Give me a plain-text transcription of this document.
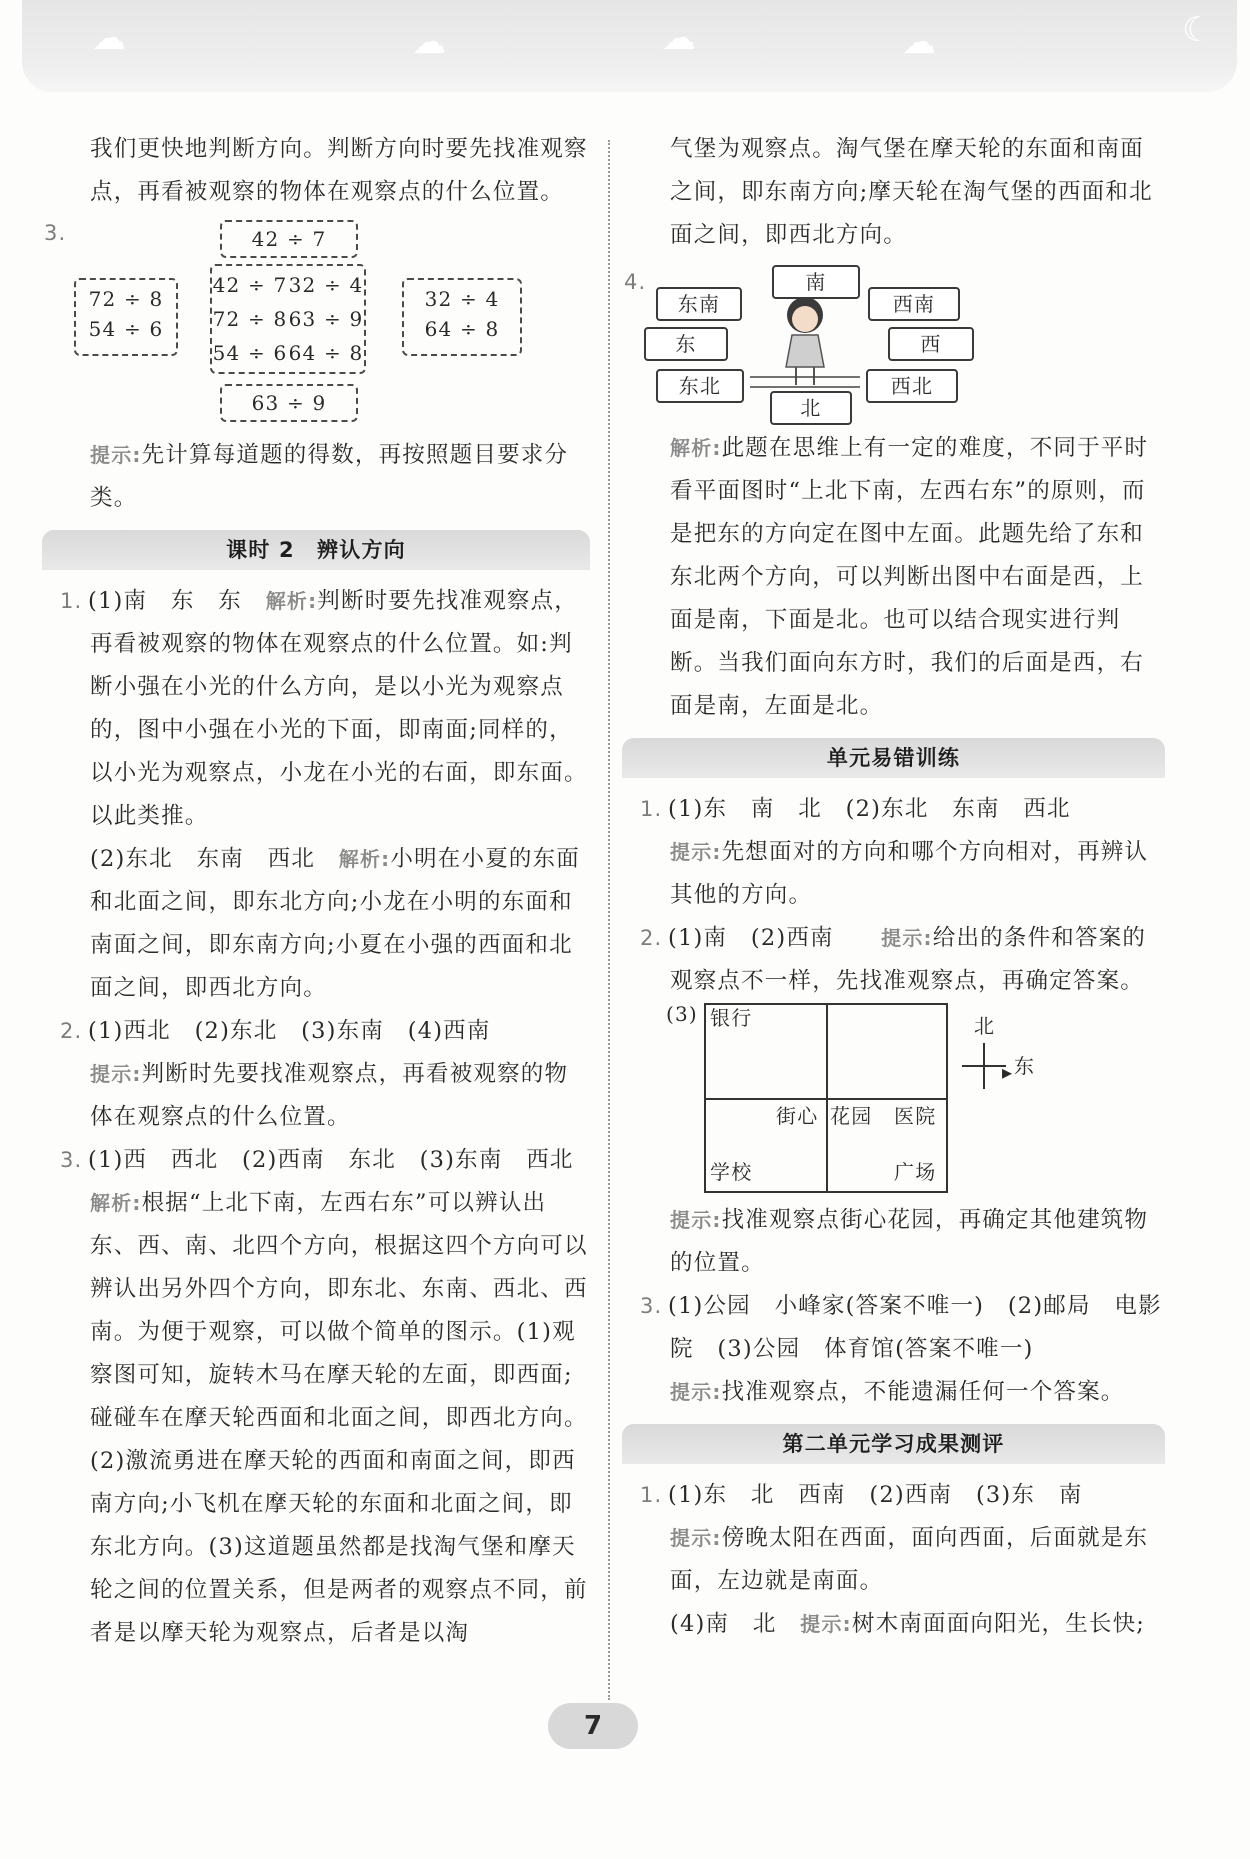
☁	☁	☁	☁	☾

我们更快地判断方向。判断方向时要先找准观察点，再看被观察的物体在观察点的什么位置。

3.	42 ÷ 7
72 ÷ 8
54 ÷ 6
42 ÷ 7 32 ÷ 4
72 ÷ 8 63 ÷ 9
54 ÷ 6 64 ÷ 8
32 ÷ 4
64 ÷ 8
63 ÷ 9

提示:先计算每道题的得数，再按照题目要求分类。

课时 2　辨认方向

1. (1)南　东　东　 解析:判断时要先找准观察点，再看被观察的物体在观察点的什么位置。如:判断小强在小光的什么方向，是以小光为观察点的，图中小强在小光的下面，即南面;同样的，以小光为观察点，小龙在小光的右面，即东面。以此类推。

(2)东北　东南　西北　 解析:小明在小夏的东面和北面之间，即东北方向;小龙在小明的东面和南面之间，即东南方向;小夏在小强的西面和北面之间，即西北方向。

2. (1)西北　(2)东北　(3)东南　(4)西南

提示:判断时先要找准观察点，再看被观察的物体在观察点的什么位置。

3. (1)西　西北　(2)西南　东北　(3)东南　西北　解析:根据“上北下南，左西右东”可以辨认出东、西、南、北四个方向，根据这四个方向可以辨认出另外四个方向，即东北、东南、西北、西南。为便于观察，可以做个简单的图示。(1)观察图可知，旋转木马在摩天轮的左面，即西面;碰碰车在摩天轮西面和北面之间，即西北方向。(2)激流勇进在摩天轮的西面和南面之间，即西南方向;小飞机在摩天轮的东面和北面之间，即东北方向。(3)这道题虽然都是找淘气堡和摩天轮之间的位置关系，但是两者的观察点不同，前者是以摩天轮为观察点，后者是以淘

气堡为观察点。淘气堡在摩天轮的东面和南面之间，即东南方向;摩天轮在淘气堡的西面和北面之间，即西北方向。

4.	南
东南	西南
东	西
东北	西北
北

解析:此题在思维上有一定的难度，不同于平时看平面图时“上北下南，左西右东”的原则，而是把东的方向定在图中左面。此题先给了东和东北两个方向，可以判断出图中右面是西，上面是南，下面是北。也可以结合现实进行判断。当我们面向东方时，我们的后面是西，右面是南，左面是北。

单元易错训练

1. (1)东　南　北　(2)东北　东南　西北

提示:先想面对的方向和哪个方向相对，再辨认其他的方向。

2. (1)南　(2)西南　　 提示:给出的条件和答案的观察点不一样，先找准观察点，再确定答案。

(3) 银行
街心 花园 医院
学校	广场
北
▸ 东

提示:找准观察点街心花园，再确定其他建筑物的位置。

3. (1)公园　小峰家(答案不唯一)　(2)邮局　电影院　(3)公园　体育馆(答案不唯一)

提示:找准观察点，不能遗漏任何一个答案。

第二单元学习成果测评

1. (1)东　北　西南　(2)西南　(3)东　南

提示:傍晚太阳在西面，面向西面，后面就是东面，左边就是南面。

(4)南　北　 提示:树木南面面向阳光，生长快;

7
